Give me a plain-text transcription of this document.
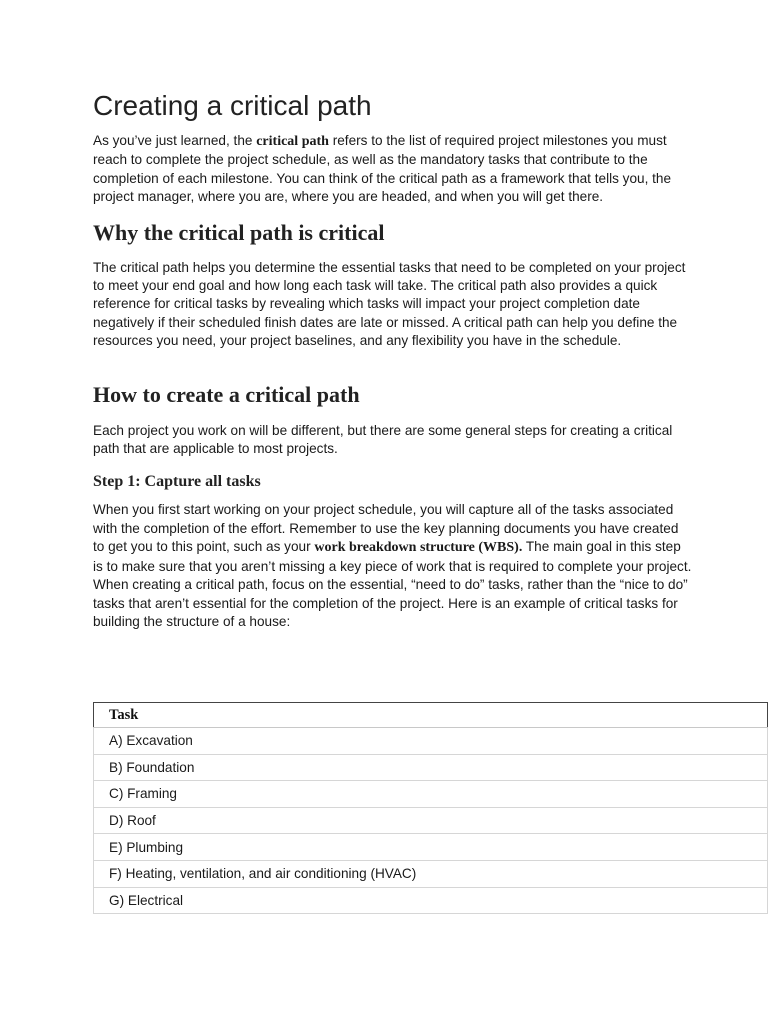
Creating a critical path

As you’ve just learned, the critical path refers to the list of required project milestones you must reach to complete the project schedule, as well as the mandatory tasks that contribute to the completion of each milestone. You can think of the critical path as a framework that tells you, the project manager, where you are, where you are headed, and when you will get there.

Why the critical path is critical

The critical path helps you determine the essential tasks that need to be completed on your project to meet your end goal and how long each task will take. The critical path also provides a quick reference for critical tasks by revealing which tasks will impact your project completion date negatively if their scheduled finish dates are late or missed. A critical path can help you define the resources you need, your project baselines, and any flexibility you have in the schedule.

How to create a critical path

Each project you work on will be different, but there are some general steps for creating a critical path that are applicable to most projects.

Step 1: Capture all tasks

When you first start working on your project schedule, you will capture all of the tasks associated with the completion of the effort. Remember to use the key planning documents you have created to get you to this point, such as your work breakdown structure (WBS). The main goal in this step is to make sure that you aren’t missing a key piece of work that is required to complete your project. When creating a critical path, focus on the essential, “need to do” tasks, rather than the “nice to do” tasks that aren’t essential for the completion of the project. Here is an example of critical tasks for building the structure of a house:

Task
A) Excavation
B) Foundation
C) Framing
D) Roof
E) Plumbing
F) Heating, ventilation, and air conditioning (HVAC)
G) Electrical
